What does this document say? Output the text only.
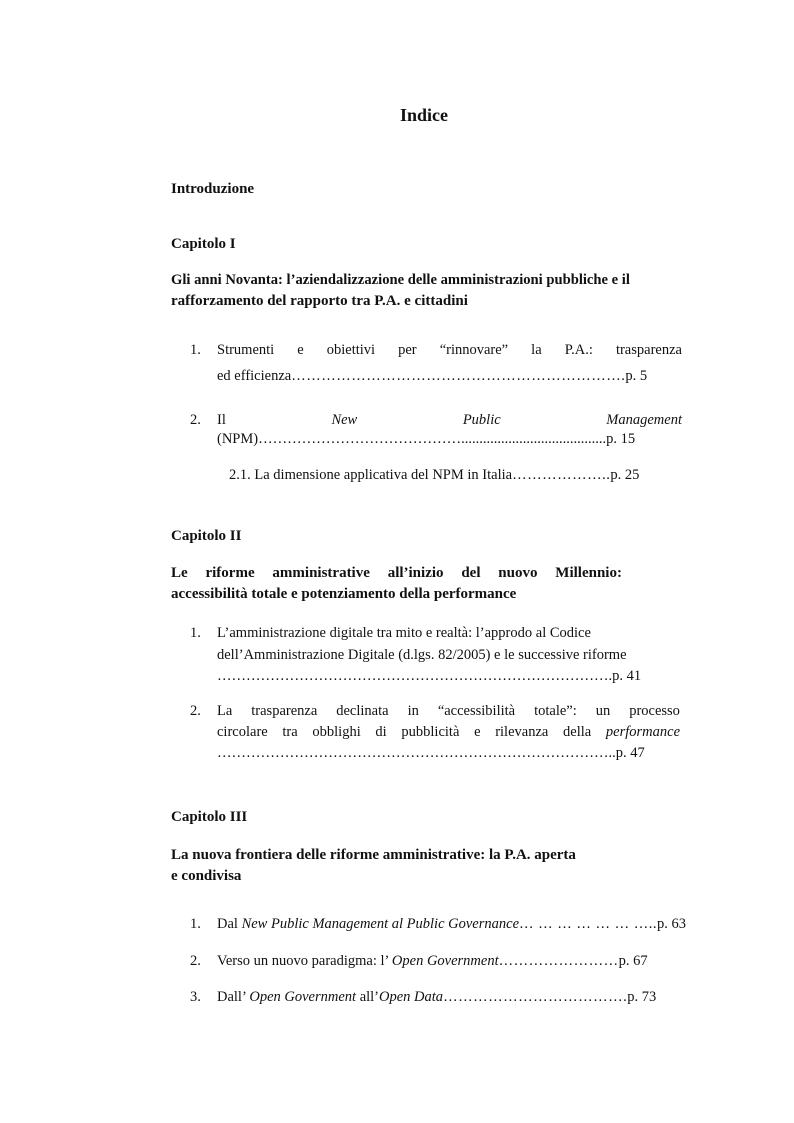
Indice
Introduzione
Capitolo I
Gli anni Novanta: l’aziendalizzazione delle amministrazioni pubbliche e il
rafforzamento del rapporto tra P.A. e cittadini
1. Strumenti e obiettivi per “rinnovare” la P.A.: trasparenza
ed efficienza………………………………………………………….p. 5
2. Il	New	Public	Management
(NPM)……………………………………........................................p. 15
2.1. La dimensione applicativa del NPM in Italia………………..p. 25
Capitolo II
Le riforme amministrative all’inizio del nuovo Millennio:
accessibilità totale e potenziamento della performance
1. L’amministrazione digitale tra mito e realtà: l’approdo al Codice
dell’Amministrazione Digitale (d.lgs. 82/2005) e le successive riforme
……………………………………………………………………….p. 41
2. La trasparenza declinata in “accessibilità totale”: un processo
circolare tra obblighi di pubblicità e rilevanza della performance
………………………………………………………………………..p. 47
Capitolo III
La nuova frontiera delle riforme amministrative: la P.A. aperta
e condivisa
1. Dal New Public Management al Public Governance… … … … … … …..p. 63
2. Verso un nuovo paradigma: l’ Open Government……………………p. 67
3. Dall’ Open Government all’Open Data……………………………….p. 73
